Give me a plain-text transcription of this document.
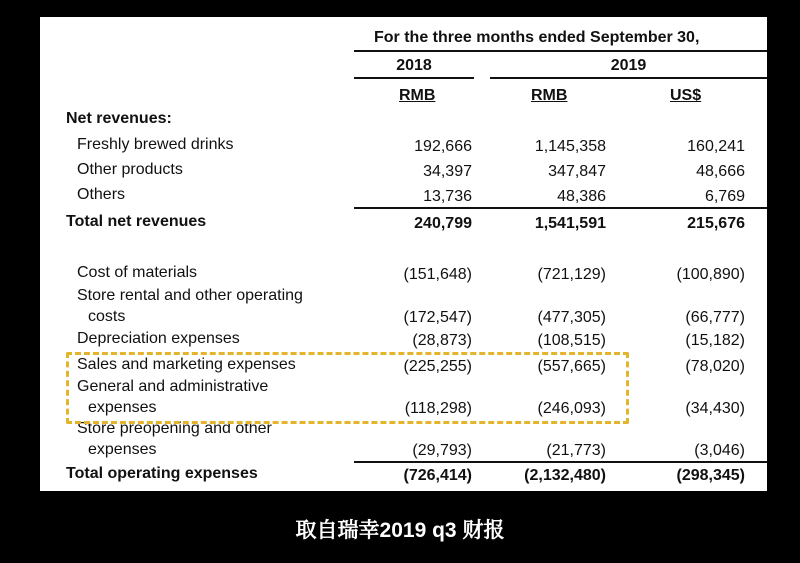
For the three months ended September 30,
2018	2019
RMB	RMB	US$
Net revenues:
Freshly brewed drinks	192,666	1,145,358	160,241
Other products	34,397	347,847	48,666
Others	13,736	48,386	6,769
Total net revenues	240,799	1,541,591	215,676
Cost of materials	(151,648)	(721,129)	(100,890)
Store rental and other operating
costs	(172,547)	(477,305)	(66,777)
Depreciation expenses	(28,873)	(108,515)	(15,182)
Sales and marketing expenses	(225,255)	(557,665)	(78,020)
General and administrative
expenses	(118,298)	(246,093)	(34,430)
Store preopening and other
expenses	(29,793)	(21,773)	(3,046)
Total operating expenses	(726,414)	(2,132,480)	(298,345)
取自瑞幸2019 q3 财报
